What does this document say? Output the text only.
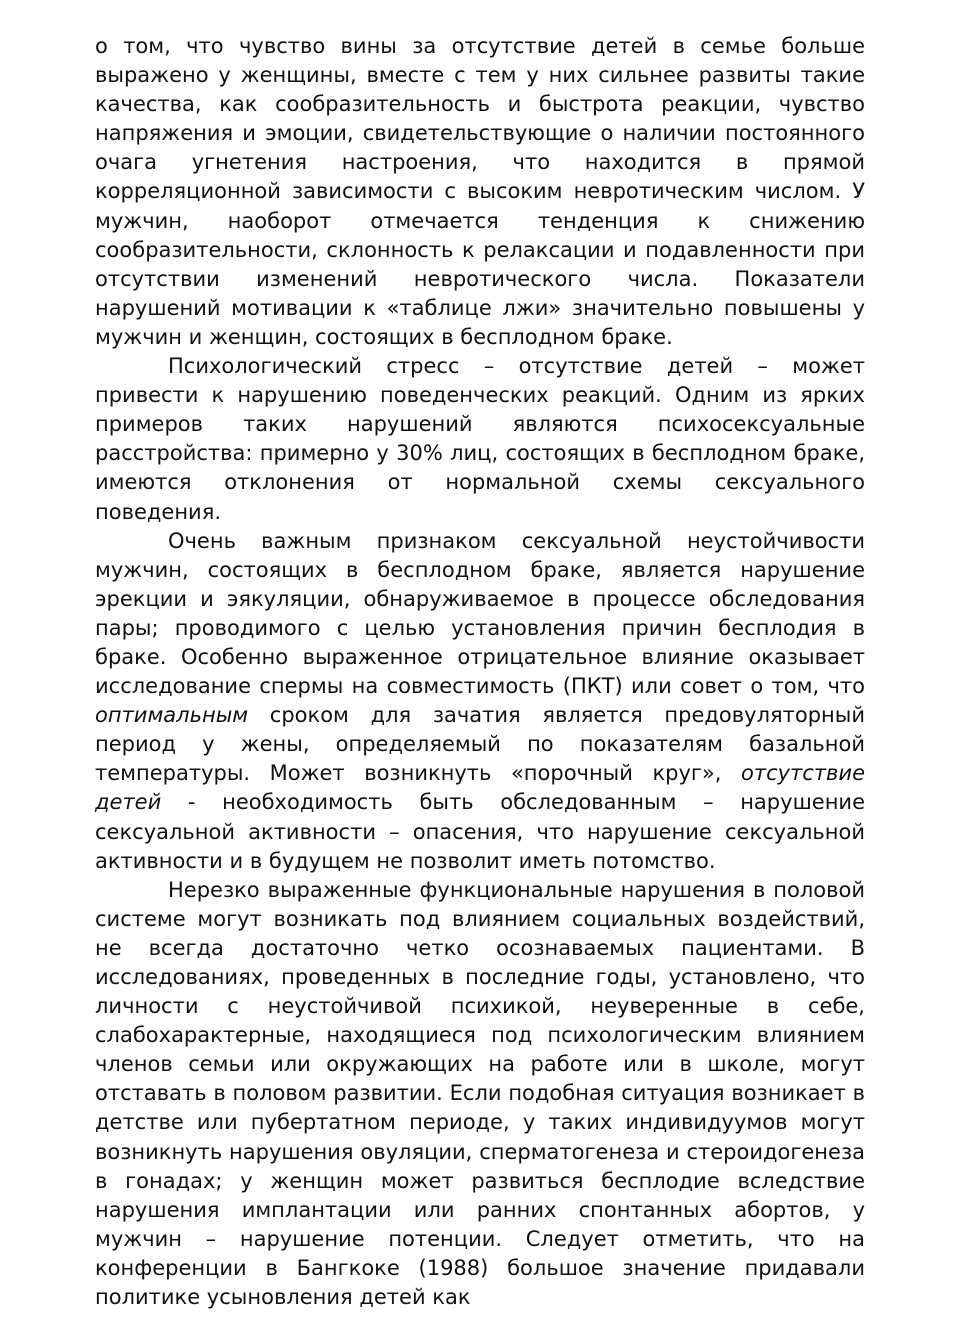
о том, что чувство вины за отсутствие детей в семье больше выражено у женщины, вместе с тем у них сильнее развиты такие качества, как сообразительность и быстрота реакции, чувство напряжения и эмоции, свидетельствующие о наличии постоянного очага угнетения настроения, что находится в прямой корреляционной зависимости с высоким невротическим числом. У мужчин, наоборот отмечается тенденция к снижению сообразительности, склонность к релаксации и подавленности при отсутствии изменений невротического числа. Показатели нарушений мотивации к «таблице лжи» значительно повышены у мужчин и женщин, состоящих в бесплодном браке.

Психологический стресс – отсутствие детей – может привести к нарушению поведенческих реакций. Одним из ярких примеров таких нарушений являются психосексуальные расстройства: примерно у 30% лиц, состоящих в бесплодном браке, имеются отклонения от нормальной схемы сексуального поведения.

Очень важным признаком сексуальной неустойчивости мужчин, состоящих в бесплодном браке, является нарушение эрекции и эякуляции, обнаруживаемое в процессе обследования пары; проводимого с целью установления причин бесплодия в браке. Особенно выраженное отрицательное влияние оказывает исследование спермы на совместимость (ПКТ) или совет о том, что оптимальным сроком для зачатия является предовуляторный период у жены, определяемый по показателям базальной температуры. Может возникнуть «порочный круг», отсутствие детей - необходимость быть обследованным – нарушение сексуальной активности – опасения, что нарушение сексуальной активности и в будущем не позволит иметь потомство.

Нерезко выраженные функциональные нарушения в половой системе могут возникать под влиянием социальных воздействий, не всегда достаточно четко осознаваемых пациентами. В исследованиях, проведенных в последние годы, установлено, что личности с неустойчивой психикой, неуверенные в себе, слабохарактерные, находящиеся под психологическим влиянием членов семьи или окружающих на работе или в школе, могут отставать в половом развитии. Если подобная ситуация возникает в детстве или пубертатном периоде, у таких индивидуумов могут возникнуть нарушения овуляции, сперматогенеза и стероидогенеза в гонадах; у женщин может развиться бесплодие вследствие нарушения имплантации или ранних спонтанных абортов, у мужчин – нарушение потенции. Следует отметить, что на конференции в Бангкоке (1988) большое значение придавали политике усыновления детей как
